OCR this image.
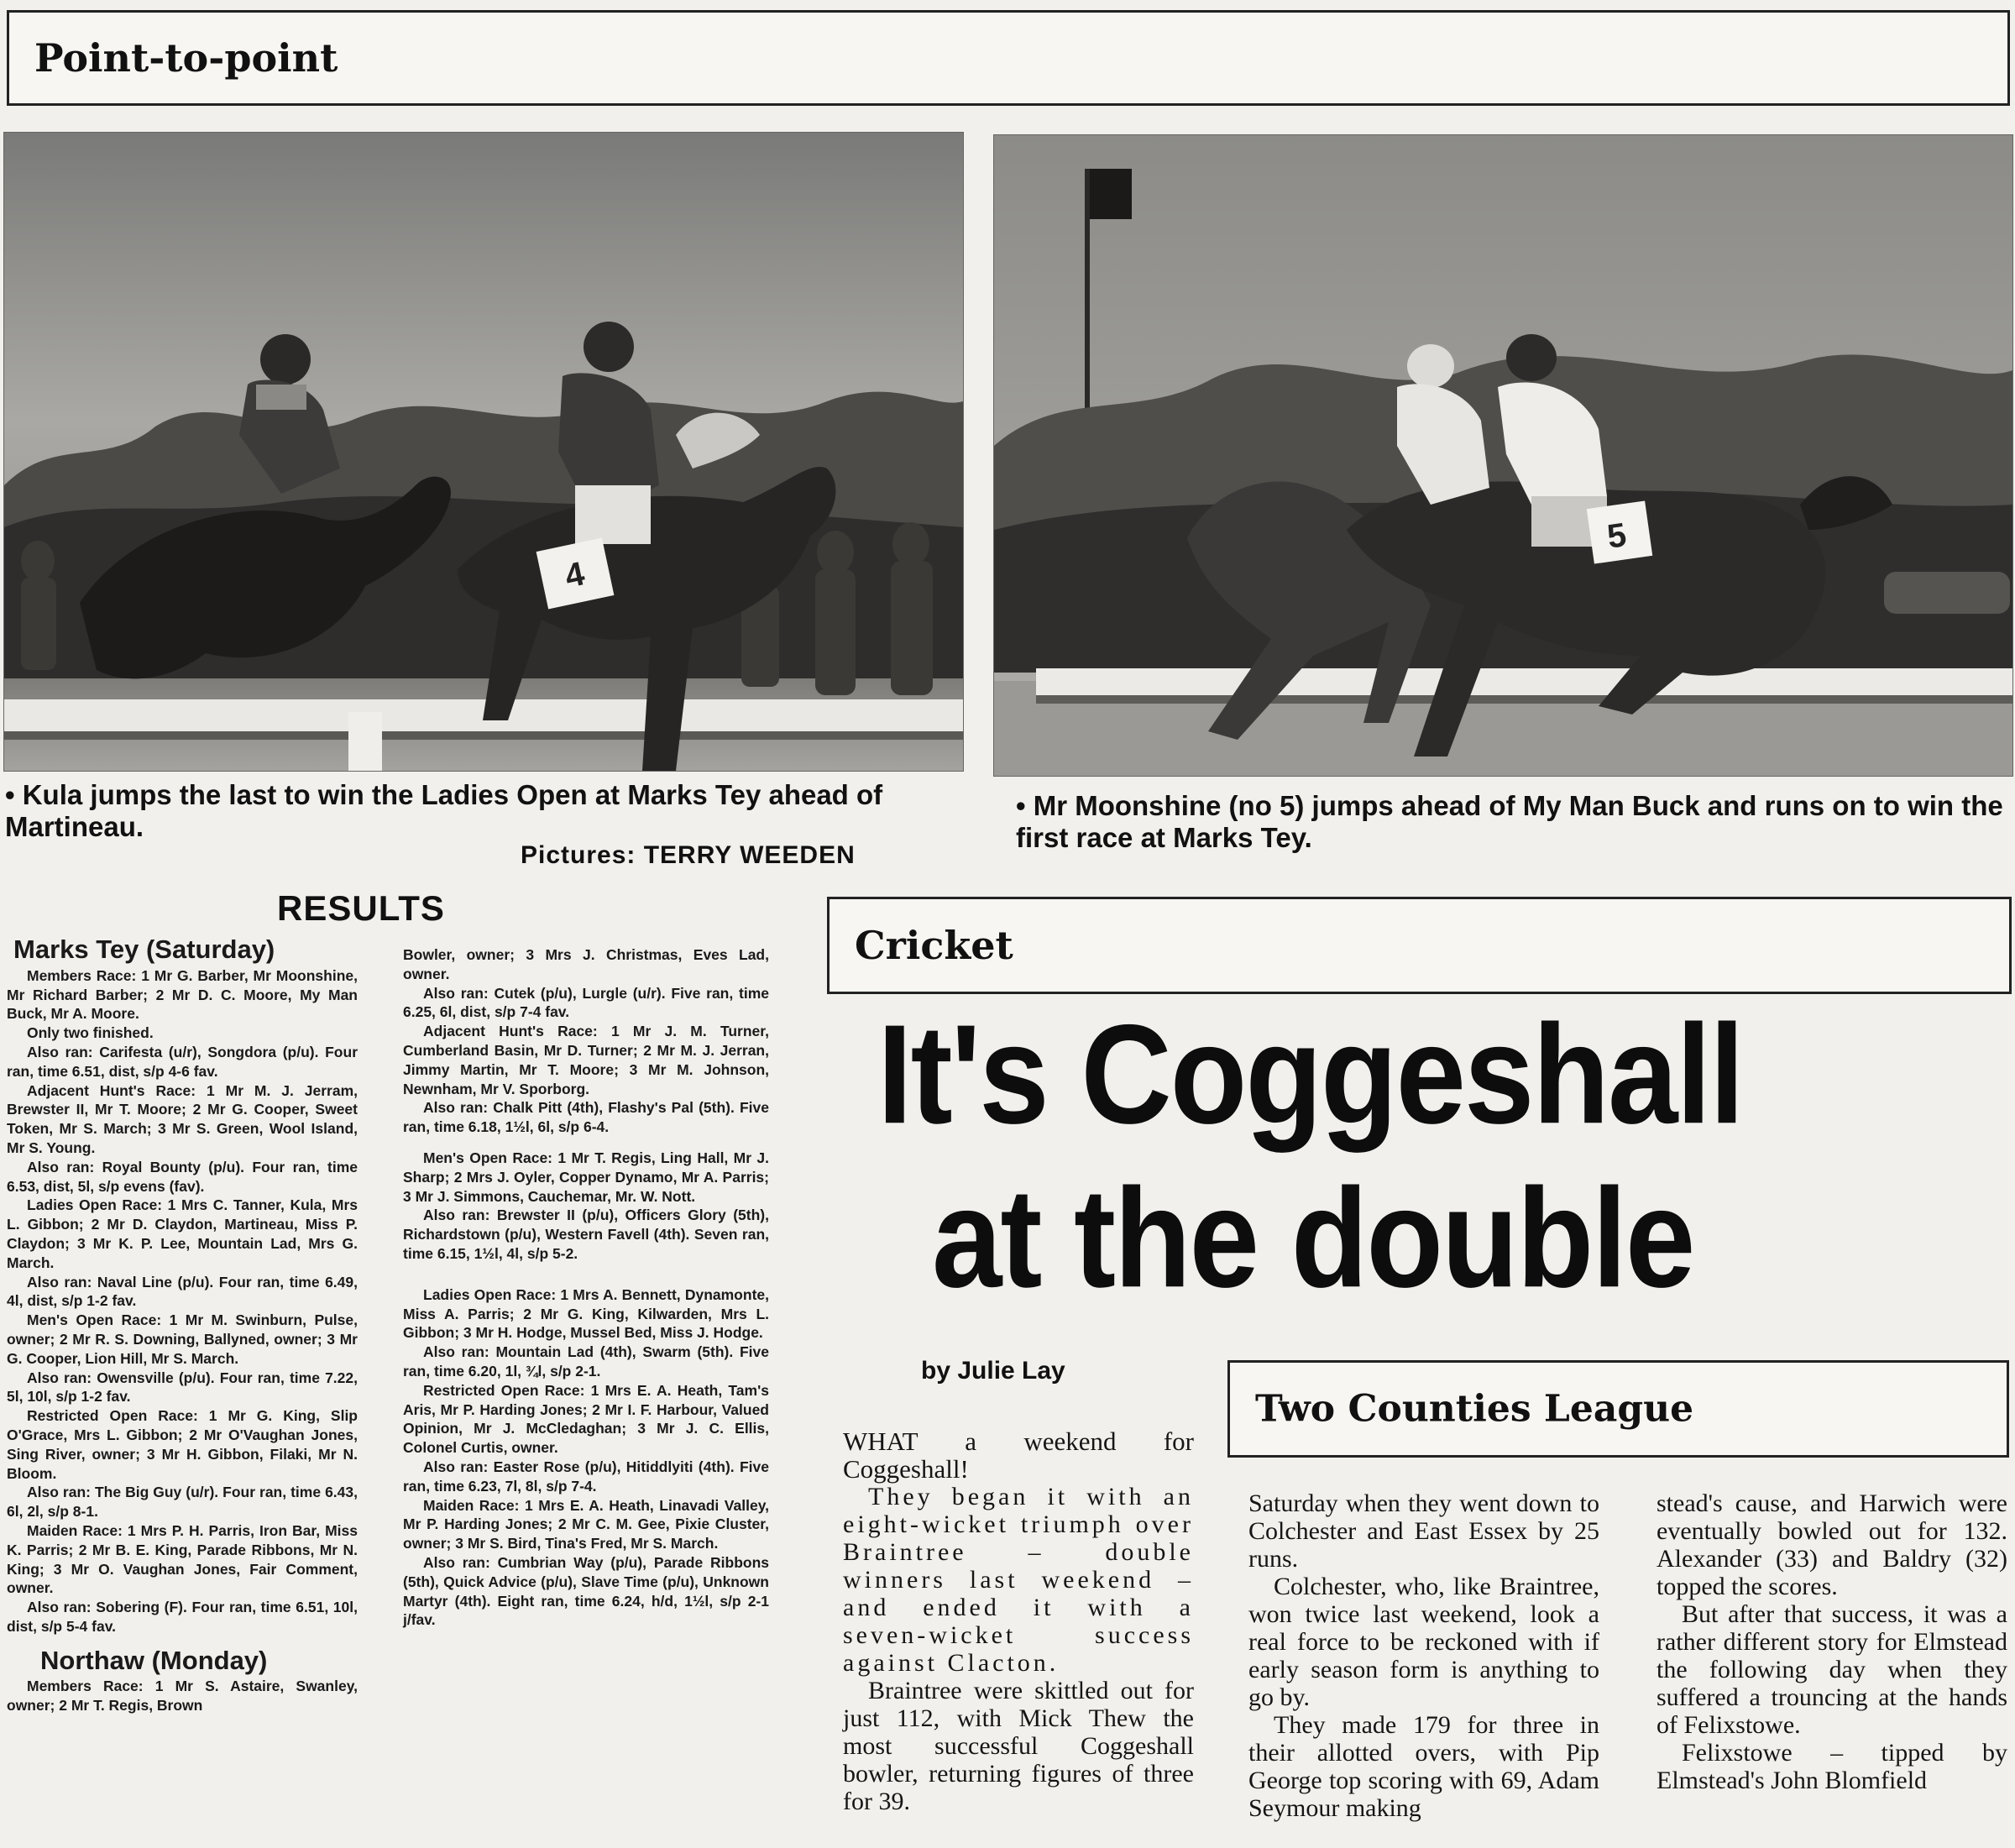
Point-to-point
4
5
• Kula jumps the last to win the Ladies Open at Marks Tey ahead of Martineau.
Pictures: TERRY WEEDEN
• Mr Moonshine (no 5) jumps ahead of My Man Buck and runs on to win the first race at Marks Tey.
RESULTS
Marks Tey (Saturday)

Members Race: 1 Mr G. Barber, Mr Moonshine, Mr Richard Barber; 2 Mr D. C. Moore, My Man Buck, Mr A. Moore.

Only two finished.

Also ran: Carifesta (u/r), Songdora (p/u). Four ran, time 6.51, dist, s/p 4-6 fav.

Adjacent Hunt's Race: 1 Mr M. J. Jerram, Brewster II, Mr T. Moore; 2 Mr G. Cooper, Sweet Token, Mr S. March; 3 Mr S. Green, Wool Island, Mr S. Young.

Also ran: Royal Bounty (p/u). Four ran, time 6.53, dist, 5l, s/p evens (fav).

Ladies Open Race: 1 Mrs C. Tanner, Kula, Mrs L. Gibbon; 2 Mr D. Claydon, Martineau, Miss P. Claydon; 3 Mr K. P. Lee, Mountain Lad, Mrs G. March.

Also ran: Naval Line (p/u). Four ran, time 6.49, 4l, dist, s/p 1-2 fav.

Men's Open Race: 1 Mr M. Swinburn, Pulse, owner; 2 Mr R. S. Downing, Ballyned, owner; 3 Mr G. Cooper, Lion Hill, Mr S. March.

Also ran: Owensville (p/u). Four ran, time 7.22, 5l, 10l, s/p 1-2 fav.

Restricted Open Race: 1 Mr G. King, Slip O'Grace, Mrs L. Gibbon; 2 Mr O'Vaughan Jones, Sing River, owner; 3 Mr H. Gibbon, Filaki, Mr N. Bloom.

Also ran: The Big Guy (u/r). Four ran, time 6.43, 6l, 2l, s/p 8-1.

Maiden Race: 1 Mrs P. H. Parris, Iron Bar, Miss K. Parris; 2 Mr B. E. King, Parade Ribbons, Mr N. King; 3 Mr O. Vaughan Jones, Fair Comment, owner.

Also ran: Sobering (F). Four ran, time 6.51, 10l, dist, s/p 5-4 fav.

Northaw (Monday)

Members Race: 1 Mr S. Astaire, Swanley, owner; 2 Mr T. Regis, Brown

Bowler, owner; 3 Mrs J. Christmas, Eves Lad, owner.

Also ran: Cutek (p/u), Lurgle (u/r). Five ran, time 6.25, 6l, dist, s/p 7-4 fav.

Adjacent Hunt's Race: 1 Mr J. M. Turner, Cumberland Basin, Mr D. Turner; 2 Mr M. J. Jerran, Jimmy Martin, Mr T. Moore; 3 Mr M. Johnson, Newnham, Mr V. Sporborg.

Also ran: Chalk Pitt (4th), Flashy's Pal (5th). Five ran, time 6.18, 1½l, 6l, s/p 6-4.

Men's Open Race: 1 Mr T. Regis, Ling Hall, Mr J. Sharp; 2 Mrs J. Oyler, Copper Dynamo, Mr A. Parris; 3 Mr J. Simmons, Cauchemar, Mr. W. Nott.

Also ran: Brewster II (p/u), Officers Glory (5th), Richardstown (p/u), Western Favell (4th). Seven ran, time 6.15, 1½l, 4l, s/p 5-2.

Ladies Open Race: 1 Mrs A. Bennett, Dynamonte, Miss A. Parris; 2 Mr G. King, Kilwarden, Mrs L. Gibbon; 3 Mr H. Hodge, Mussel Bed, Miss J. Hodge.

Also ran: Mountain Lad (4th), Swarm (5th). Five ran, time 6.20, 1l, ¾l, s/p 2-1.

Restricted Open Race: 1 Mrs E. A. Heath, Tam's Aris, Mr P. Harding Jones; 2 Mr I. F. Harbour, Valued Opinion, Mr J. McCledaghan; 3 Mr J. C. Ellis, Colonel Curtis, owner.

Also ran: Easter Rose (p/u), Hitiddlyiti (4th). Five ran, time 6.23, 7l, 8l, s/p 7-4.

Maiden Race: 1 Mrs E. A. Heath, Linavadi Valley, Mr P. Harding Jones; 2 Mr C. M. Gee, Pixie Cluster, owner; 3 Mr S. Bird, Tina's Fred, Mr S. March.

Also ran: Cumbrian Way (p/u), Parade Ribbons (5th), Quick Advice (p/u), Slave Time (p/u), Unknown Martyr (4th). Eight ran, time 6.24, h/d, 1½l, s/p 2-1 j/fav.

Cricket
It's Coggeshall
at the double
by Julie Lay
Two Counties League

WHAT a weekend for Coggeshall!

They began it with an eight-wicket triumph over Braintree – double winners last weekend – and ended it with a seven-wicket success against Clacton.

Braintree were skittled out for just 112, with Mick Thew the most successful Coggeshall bowler, returning figures of three for 39.

Saturday when they went down to Colchester and East Essex by 25 runs.

Colchester, who, like Braintree, won twice last weekend, look a real force to be reckoned with if early season form is anything to go by.

They made 179 for three in their allotted overs, with Pip George top scoring with 69, Adam Seymour making

stead's cause, and Harwich were eventually bowled out for 132. Alexander (33) and Baldry (32) topped the scores.

But after that success, it was a rather different story for Elmstead the following day when they suffered a trouncing at the hands of Felixstowe.

Felixstowe – tipped by Elmstead's John Blomfield
